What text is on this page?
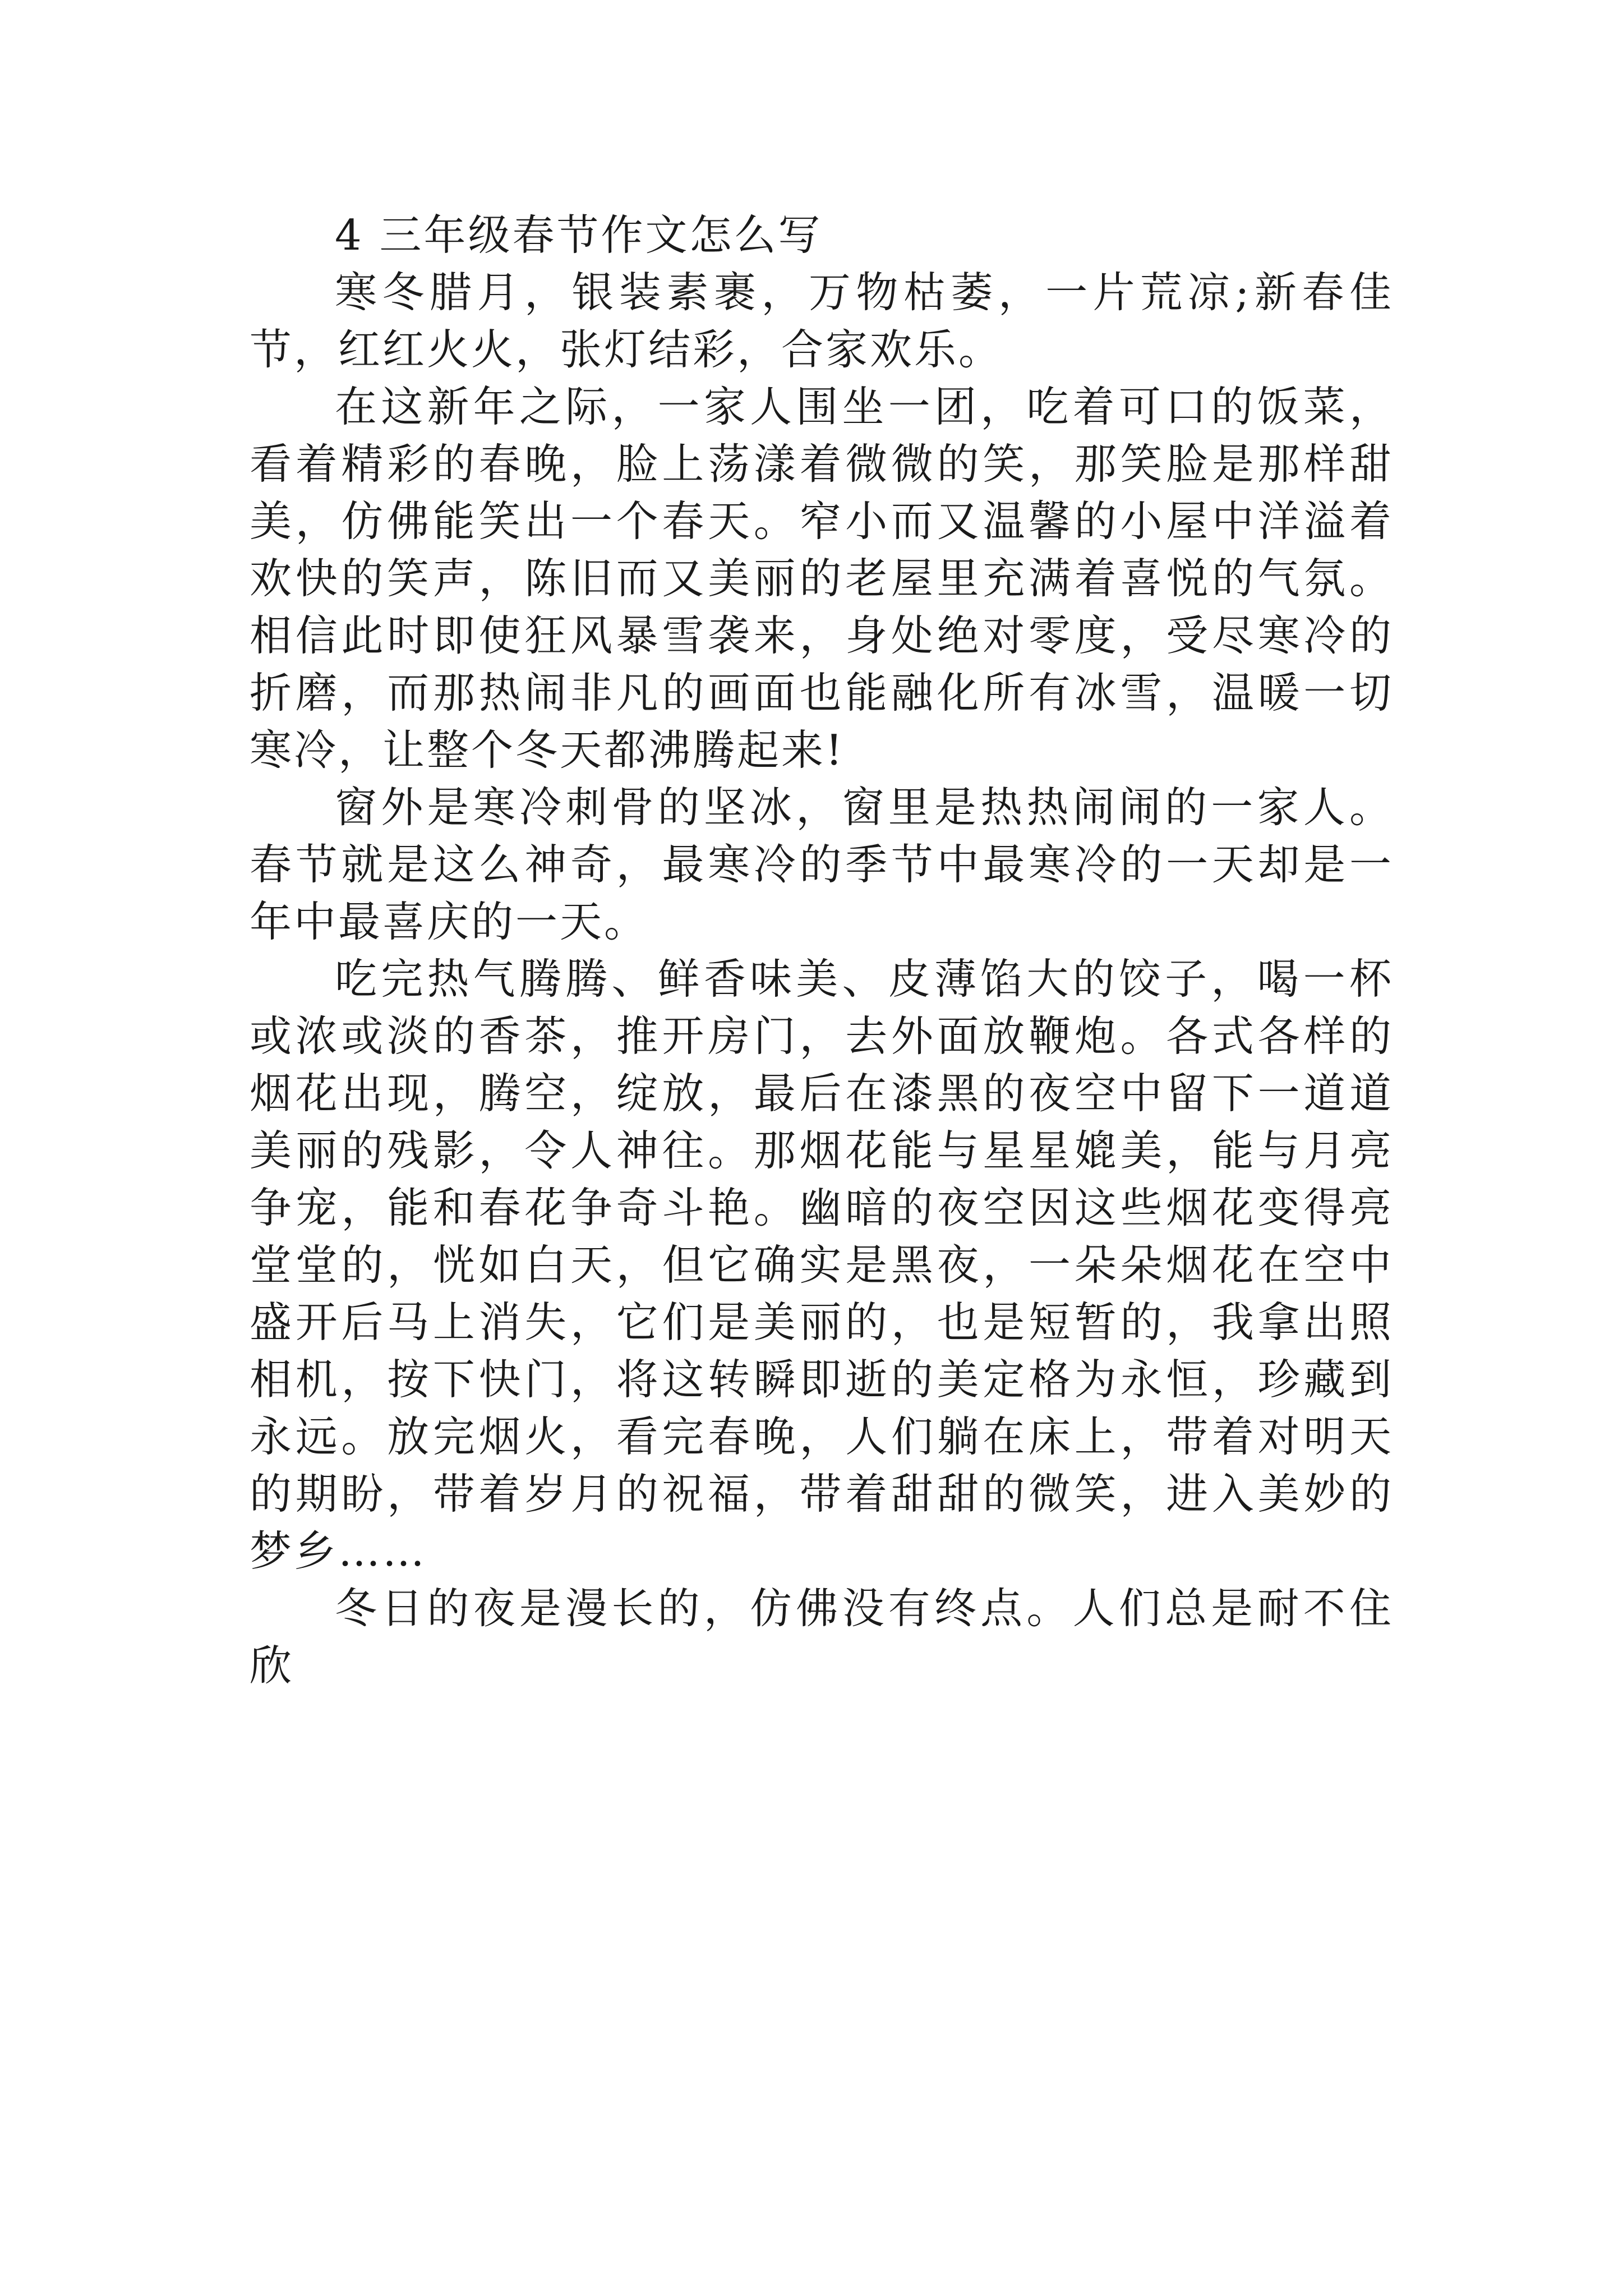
4 三年级春节作文怎么写

寒冬腊月，银装素裹，万物枯萎，一片荒凉;新春佳节，红红火火，张灯结彩，合家欢乐。

在这新年之际，一家人围坐一团，吃着可口的饭菜，看着精彩的春晚，脸上荡漾着微微的笑，那笑脸是那样甜美，仿佛能笑出一个春天。窄小而又温馨的小屋中洋溢着欢快的笑声，陈旧而又美丽的老屋里充满着喜悦的气氛。相信此时即使狂风暴雪袭来，身处绝对零度，受尽寒冷的折磨，而那热闹非凡的画面也能融化所有冰雪，温暖一切寒冷，让整个冬天都沸腾起来!

窗外是寒冷刺骨的坚冰，窗里是热热闹闹的一家人。春节就是这么神奇，最寒冷的季节中最寒冷的一天却是一年中最喜庆的一天。

吃完热气腾腾、鲜香味美、皮薄馅大的饺子，喝一杯或浓或淡的香茶，推开房门，去外面放鞭炮。各式各样的烟花出现，腾空，绽放，最后在漆黑的夜空中留下一道道美丽的残影，令人神往。那烟花能与星星媲美，能与月亮争宠，能和春花争奇斗艳。幽暗的夜空因这些烟花变得亮堂堂的，恍如白天，但它确实是黑夜，一朵朵烟花在空中盛开后马上消失，它们是美丽的，也是短暂的，我拿出照相机，按下快门，将这转瞬即逝的美定格为永恒，珍藏到永远。放完烟火，看完春晚，人们躺在床上，带着对明天的期盼，带着岁月的祝福，带着甜甜的微笑，进入美妙的梦乡……

冬日的夜是漫长的，仿佛没有终点。人们总是耐不住欣
